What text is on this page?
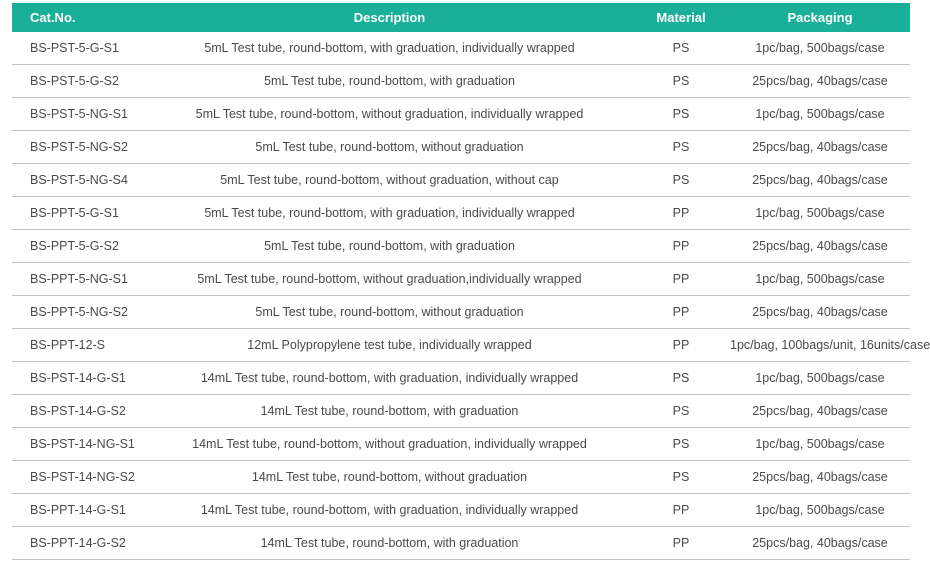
Cat.No.	Description	Material	Packaging
BS-PST-5-G-S1	5mL Test tube, round-bottom, with graduation, individually wrapped	PS	1pc/bag, 500bags/case
BS-PST-5-G-S2	5mL Test tube, round-bottom, with graduation	PS	25pcs/bag, 40bags/case
BS-PST-5-NG-S1	5mL Test tube, round-bottom, without graduation, individually wrapped	PS	1pc/bag, 500bags/case
BS-PST-5-NG-S2	5mL Test tube, round-bottom, without graduation	PS	25pcs/bag, 40bags/case
BS-PST-5-NG-S4	5mL Test tube, round-bottom, without graduation, without cap	PS	25pcs/bag, 40bags/case
BS-PPT-5-G-S1	5mL Test tube, round-bottom, with graduation, individually wrapped	PP	1pc/bag, 500bags/case
BS-PPT-5-G-S2	5mL Test tube, round-bottom, with graduation	PP	25pcs/bag, 40bags/case
BS-PPT-5-NG-S1	5mL Test tube, round-bottom, without graduation,individually wrapped	PP	1pc/bag, 500bags/case
BS-PPT-5-NG-S2	5mL Test tube, round-bottom, without graduation	PP	25pcs/bag, 40bags/case
BS-PPT-12-S	12mL Polypropylene test tube, individually wrapped	PP	1pc/bag, 100bags/unit, 16units/case
BS-PST-14-G-S1	14mL Test tube, round-bottom, with graduation, individually wrapped	PS	1pc/bag, 500bags/case
BS-PST-14-G-S2	14mL Test tube, round-bottom, with graduation	PS	25pcs/bag, 40bags/case
BS-PST-14-NG-S1	14mL Test tube, round-bottom, without graduation, individually wrapped	PS	1pc/bag, 500bags/case
BS-PST-14-NG-S2	14mL Test tube, round-bottom, without graduation	PS	25pcs/bag, 40bags/case
BS-PPT-14-G-S1	14mL Test tube, round-bottom, with graduation, individually wrapped	PP	1pc/bag, 500bags/case
BS-PPT-14-G-S2	14mL Test tube, round-bottom, with graduation	PP	25pcs/bag, 40bags/case
